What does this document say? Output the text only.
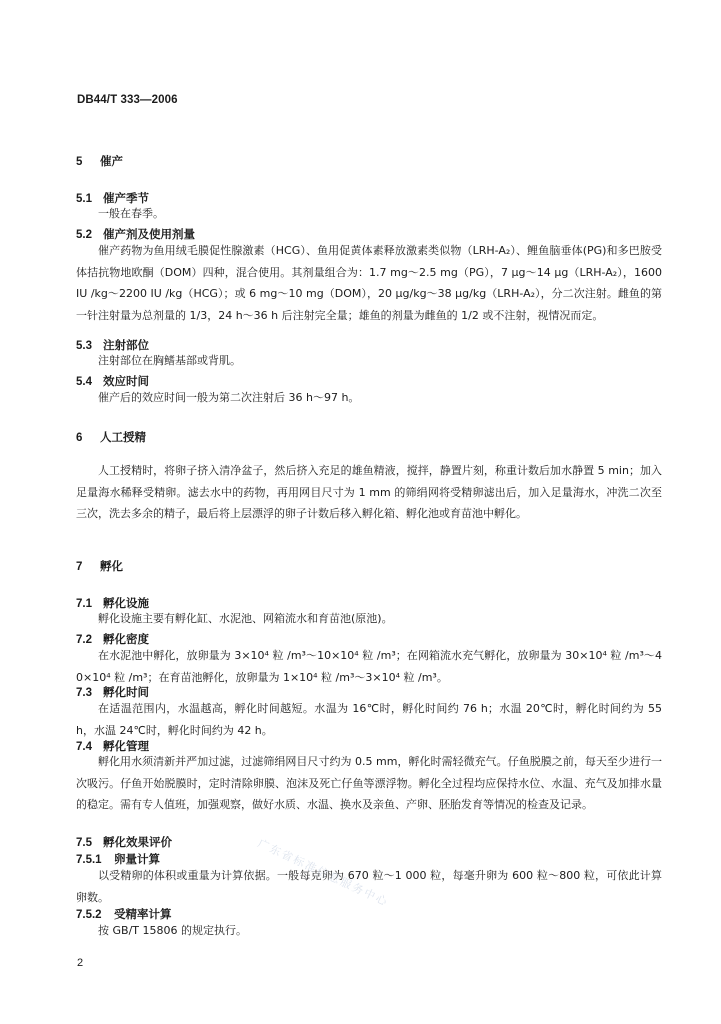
DB44/T 333—2006
5 催产
5.1 催产季节
一般在春季。
5.2 催产剂及使用剂量
催产药物为鱼用绒毛膜促性腺激素（HCG）、鱼用促黄体素释放激素类似物（LRH-A₂）、鲤鱼脑垂体(PG)和多巴胺受体拮抗物地欧酮（DOM）四种，混合使用。其剂量组合为：1.7 mg～2.5 mg（PG），7 μg～14 μg（LRH-A₂），1600 IU /kg～2200 IU /kg（HCG）；或 6 mg～10 mg（DOM），20 μg/kg～38 μg/kg（LRH-A₂），分二次注射。雌鱼的第一针注射量为总剂量的 1/3，24 h～36 h 后注射完全量；雄鱼的剂量为雌鱼的 1/2 或不注射，视情况而定。
5.3 注射部位
注射部位在胸鳍基部或背肌。
5.4 效应时间
催产后的效应时间一般为第二次注射后 36 h～97 h。
6 人工授精
人工授精时，将卵子挤入清净盆子，然后挤入充足的雄鱼精液，搅拌，静置片刻，称重计数后加水静置 5 min；加入足量海水稀释受精卵。滤去水中的药物，再用网目尺寸为 1 mm 的筛绢网将受精卵滤出后，加入足量海水，冲洗二次至三次，洗去多余的精子，最后将上层漂浮的卵子计数后移入孵化箱、孵化池或育苗池中孵化。
7 孵化
7.1 孵化设施
孵化设施主要有孵化缸、水泥池、网箱流水和育苗池(原池)。
7.2 孵化密度
在水泥池中孵化，放卵量为 3×10⁴ 粒 /m³～10×10⁴ 粒 /m³；在网箱流水充气孵化，放卵量为 30×10⁴ 粒 /m³～40×10⁴ 粒 /m³；在育苗池孵化，放卵量为 1×10⁴ 粒 /m³～3×10⁴ 粒 /m³。
7.3 孵化时间
在适温范围内，水温越高，孵化时间越短。水温为 16℃时，孵化时间约 76 h；水温 20℃时，孵化时间约为 55 h，水温 24℃时，孵化时间约为 42 h。
7.4 孵化管理
孵化用水须清新并严加过滤，过滤筛绢网目尺寸约为 0.5 mm，孵化时需轻微充气。仔鱼脱膜之前，每天至少进行一次吸污。仔鱼开始脱膜时，定时清除卵膜、泡沫及死亡仔鱼等漂浮物。孵化全过程均应保持水位、水温、充气及加排水量的稳定。需有专人值班，加强观察，做好水质、水温、换水及亲鱼、产卵、胚胎发育等情况的检查及记录。
7.5 孵化效果评价
7.5.1 卵量计算
以受精卵的体积或重量为计算依据。一般每克卵为 670 粒～1 000 粒，每毫升卵为 600 粒～800 粒，可依此计算卵数。
7.5.2 受精率计算
按 GB/T 15806 的规定执行。
广东省标准信息服务中心
2
